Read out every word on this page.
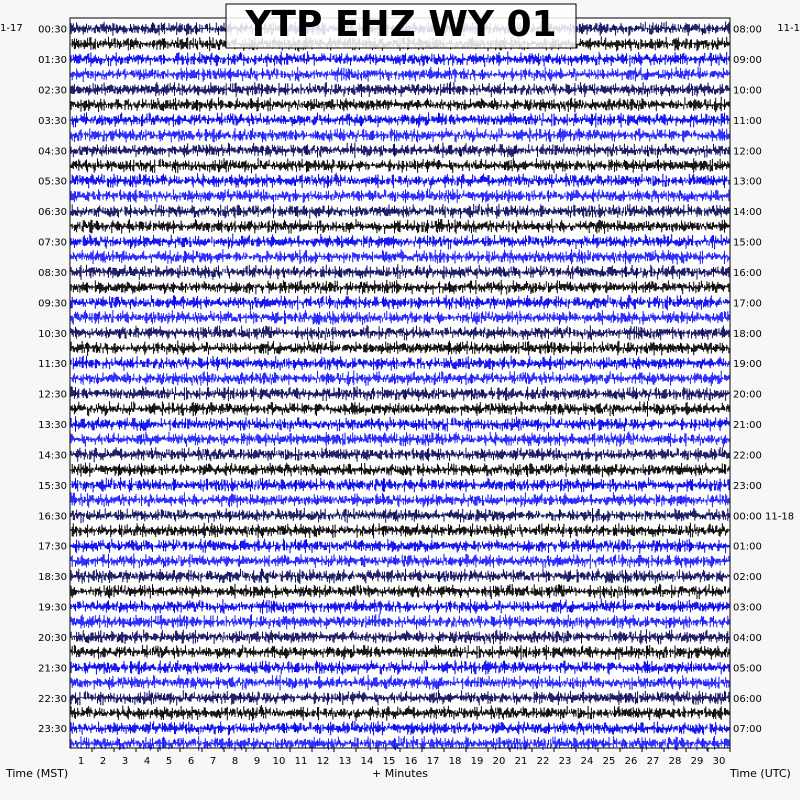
00:30
01:30
02:30
03:30
04:30
05:30
06:30
07:30
08:30
09:30
10:30
11:30
12:30
13:30
14:30
15:30
16:30
17:30
18:30
19:30
20:30
21:30
22:30
23:30
08:00
09:00
10:00
11:00
12:00
13:00
14:00
15:00
16:00
17:00
18:00
19:00
20:00
21:00
22:00
23:00
00:00 11-18
01:00
02:00
03:00
04:00
05:00
06:00
07:00
1 2 3 4 5 6 7 8 9 10 11 12 13 14 15 16 17 18 19 20 21 22 23 24 25 26 27 28 29 30
YTP EHZ WY 01
1-17	11-1
Time (MST)	+ Minutes	Time (UTC)
